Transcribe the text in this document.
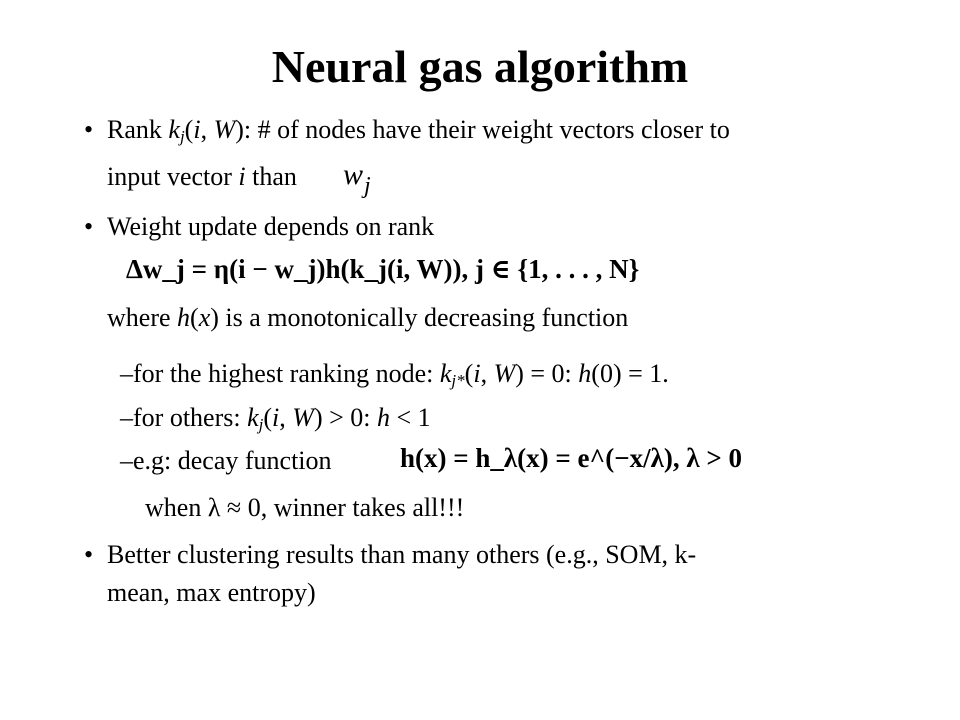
Neural gas algorithm
• Rank $k_j(i$, W): # of nodes have their weight vectors closer to
input vector i than $w_j$
• Weight update depends on rank
Δw_j = η(i − w_j)h(k_j(i, W)), j ∈ {1, . . . , N}
where h(x) is a monotonically decreasing function
–for the highest ranking node: $k_{j*}(i$, W) = 0: h(0) = 1.
–for others: $k_j(i$, W) > 0: h < 1
–e.g: decay function	h(x) = h_λ(x) = e^(−x/λ), λ > 0
when λ ≈ 0, winner takes all!!!
• Better clustering results than many others (e.g., SOM, k-
mean, max entropy)
